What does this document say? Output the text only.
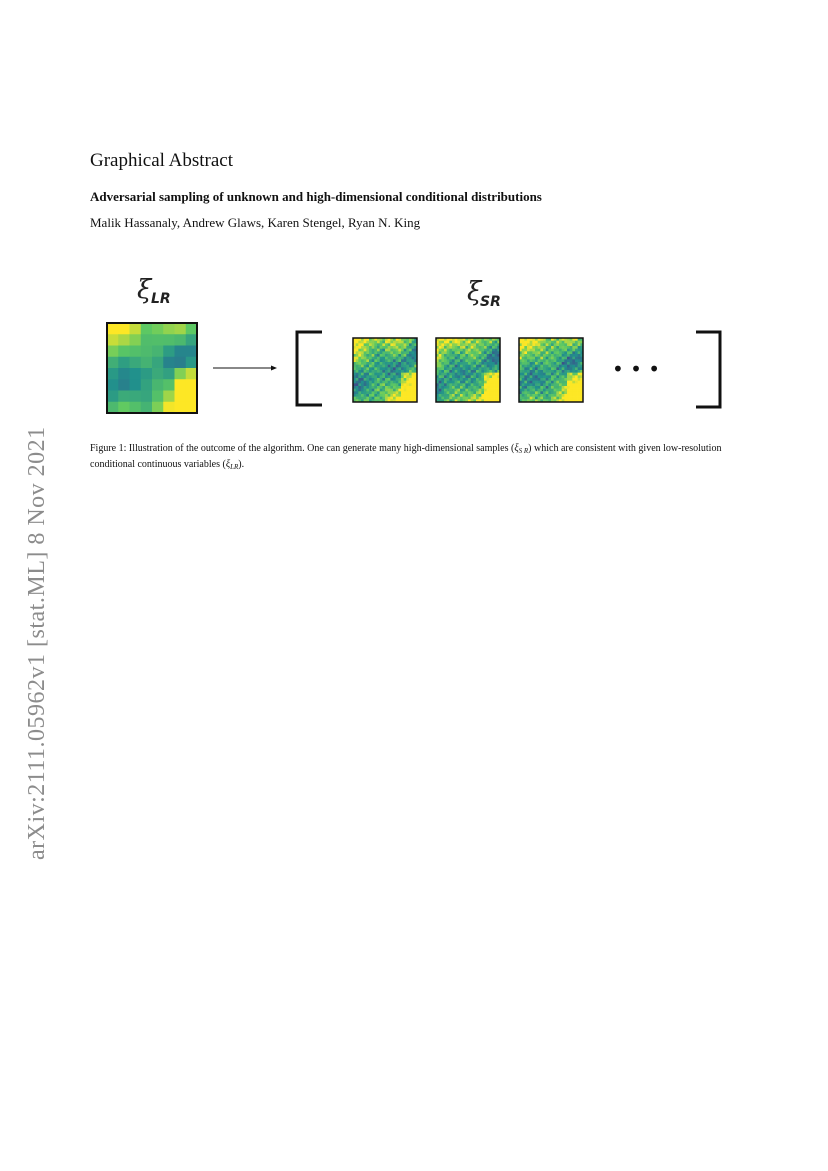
arXiv:2111.05962v1 [stat.ML] 8 Nov 2021
Graphical Abstract
Adversarial sampling of unknown and high-dimensional conditional distributions
Malik Hassanaly, Andrew Glaws, Karen Stengel, Ryan N. King
ξ LR	ξ
SR
• • •
Figure 1: Illustration of the outcome of the algorithm. One can generate many high-dimensional samples $(\xi_{S R})$ which are consistent with given low-resolution conditional continuous variables $(\xi_{LR})$.
